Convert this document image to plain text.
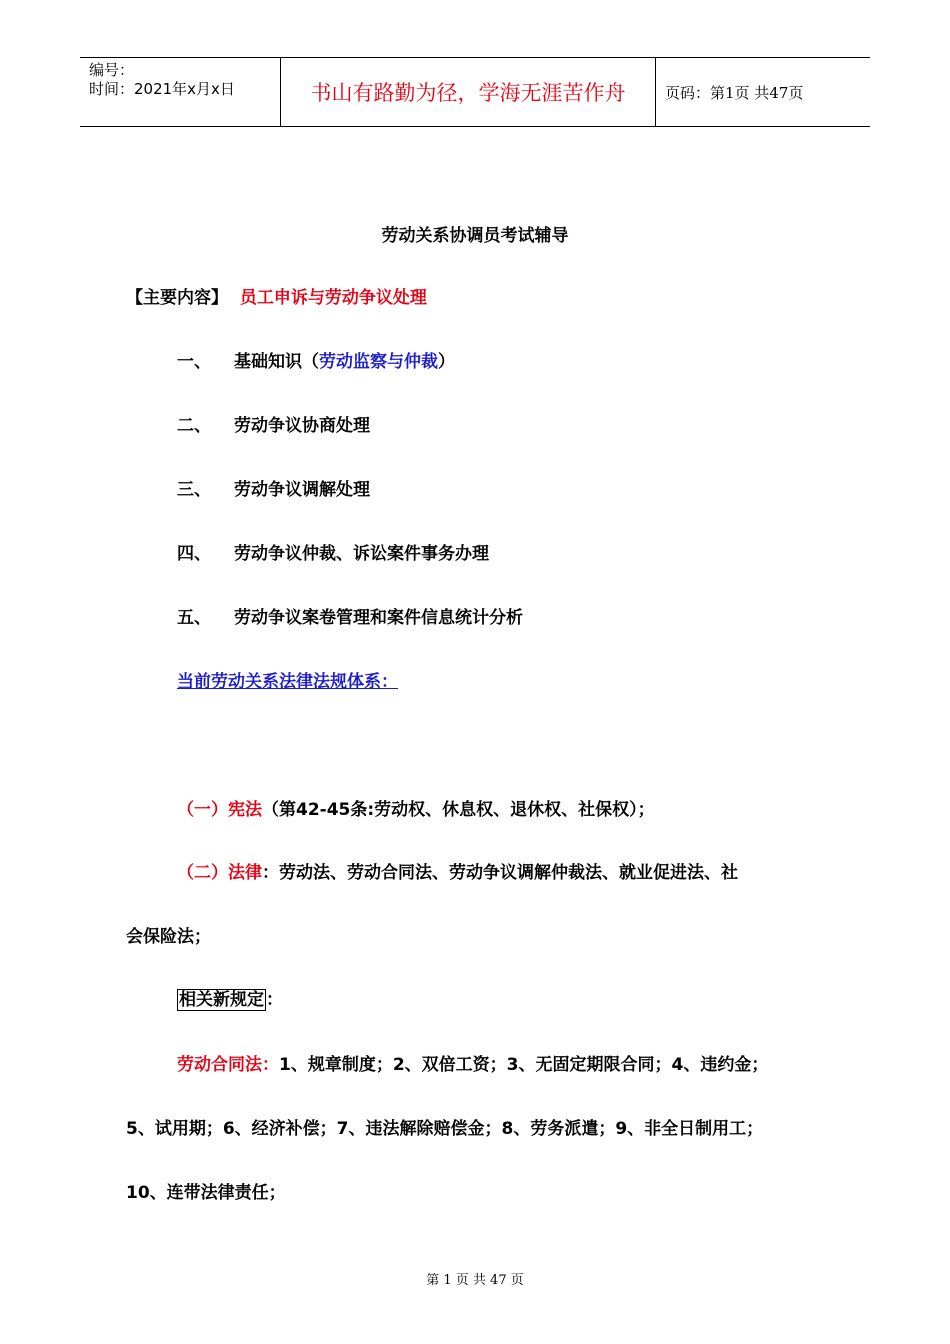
编号：
时间：2021年x月x日	书山有路勤为径，学海无涯苦作舟	页码：第1页 共47页
劳动关系协调员考试辅导
【主要内容】 员工申诉与劳动争议处理
一、 基础知识（劳动监察与仲裁）
二、 劳动争议协商处理
三、 劳动争议调解处理
四、 劳动争议仲裁、诉讼案件事务办理
五、 劳动争议案卷管理和案件信息统计分析
当前劳动关系法律法规体系：
（一）宪法（第42-45条:劳动权、休息权、退休权、社保权）；
（二）法律：劳动法、劳动合同法、劳动争议调解仲裁法、就业促进法、社
会保险法；
相关新规定 ：
劳动合同法：1、规章制度；2、双倍工资；3、无固定期限合同；4、违约金；
5、试用期；6、经济补偿；7、违法解除赔偿金；8、劳务派遣；9、非全日制用工；
10、连带法律责任；
第 1 页 共 47 页
